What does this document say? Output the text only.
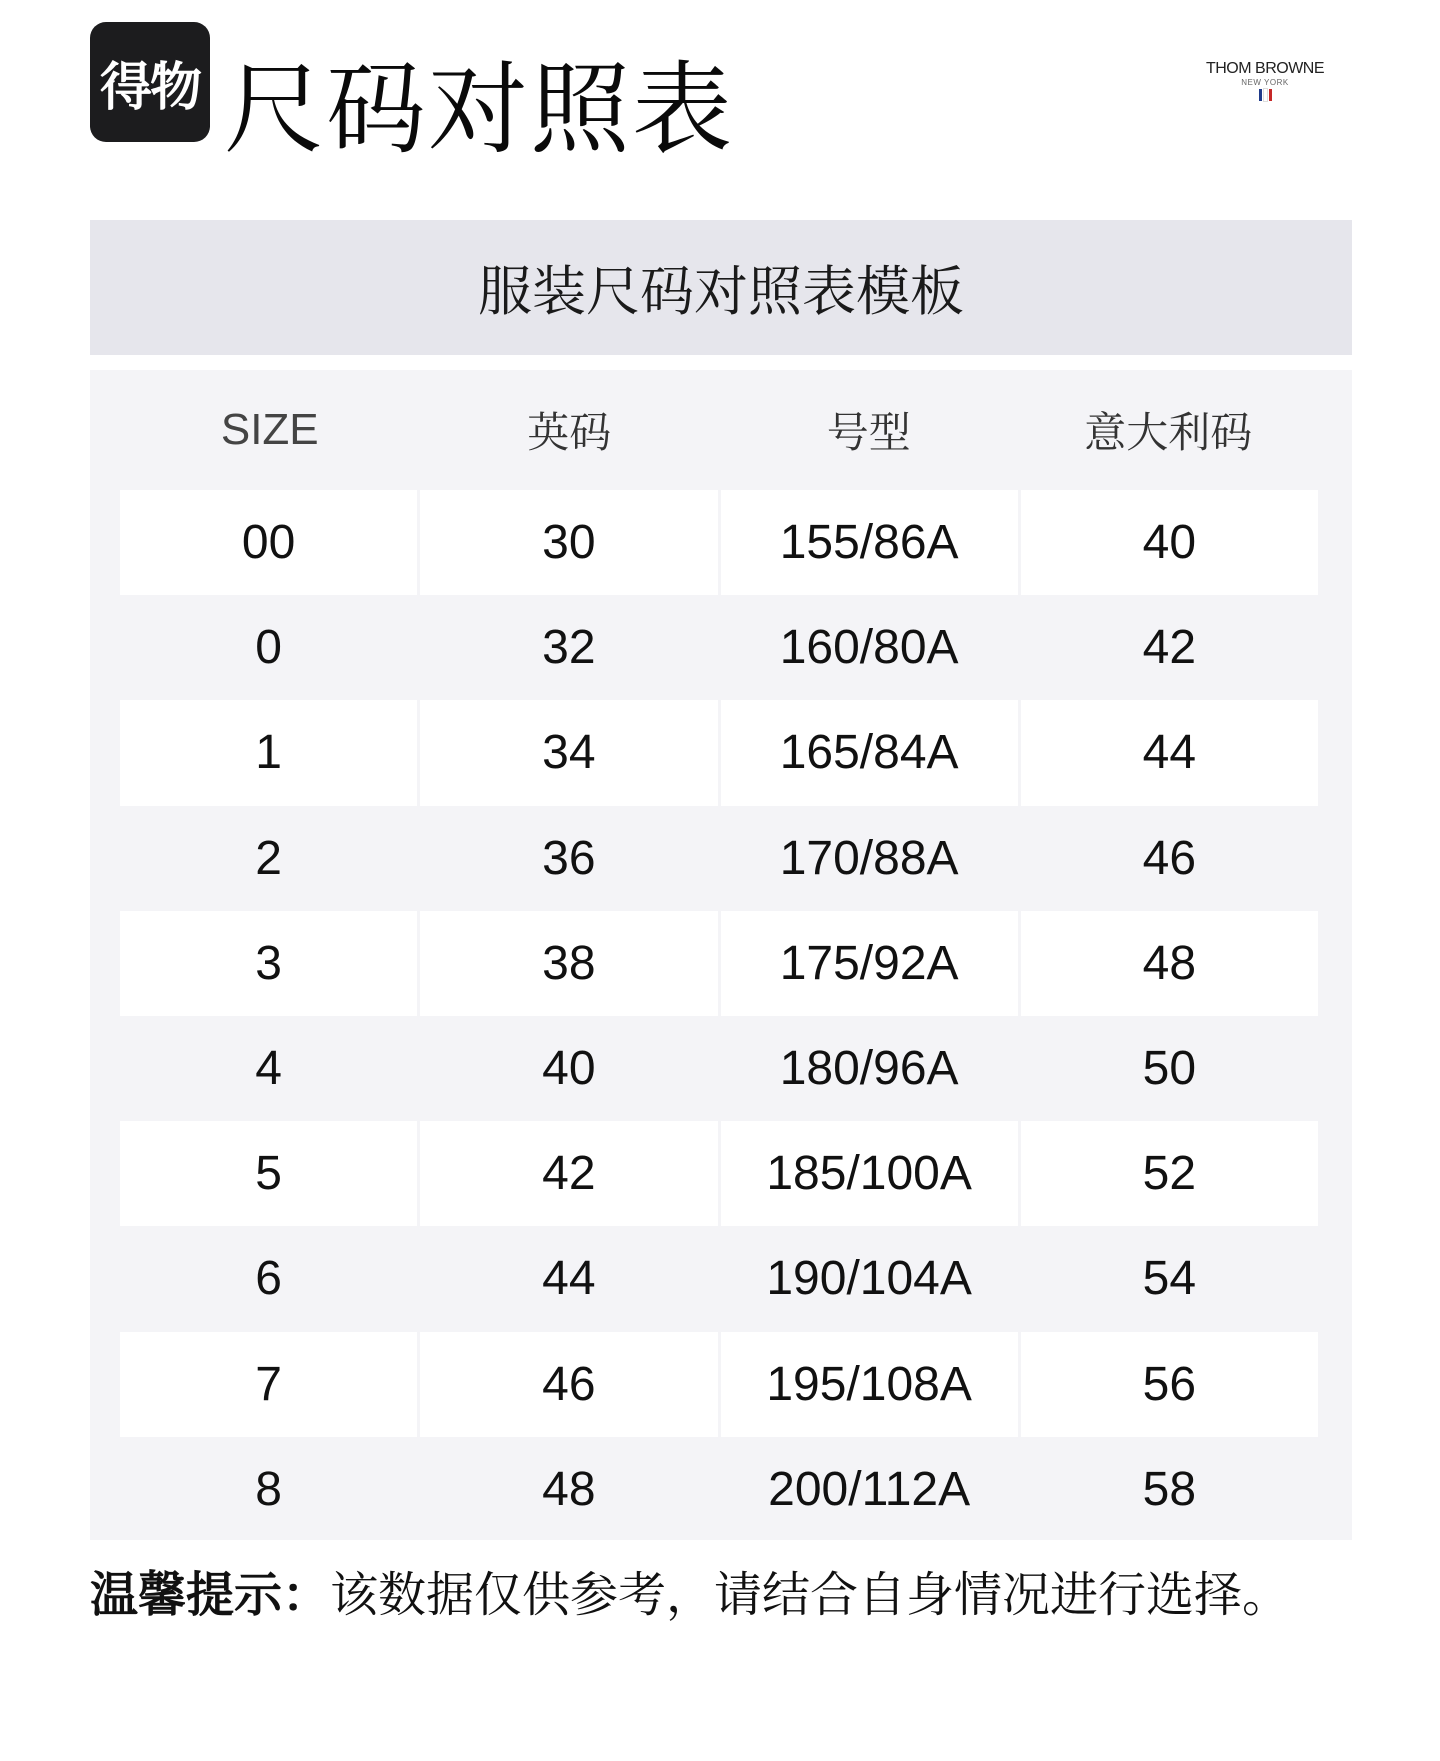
得物 尺码对照表	THOM BROWNE
NEW YORK
服装尺码对照表模板
SIZE	英码	号型	意大利码
00	30	155/86A	40
0	32	160/80A	42
1	34	165/84A	44
2	36	170/88A	46
3	38	175/92A	48
4	40	180/96A	50
5	42	185/100A	52
6	44	190/104A	54
7	46	195/108A	56
8	48	200/112A	58
温馨提示：该数据仅供参考，请结合自身情况进行选择。
